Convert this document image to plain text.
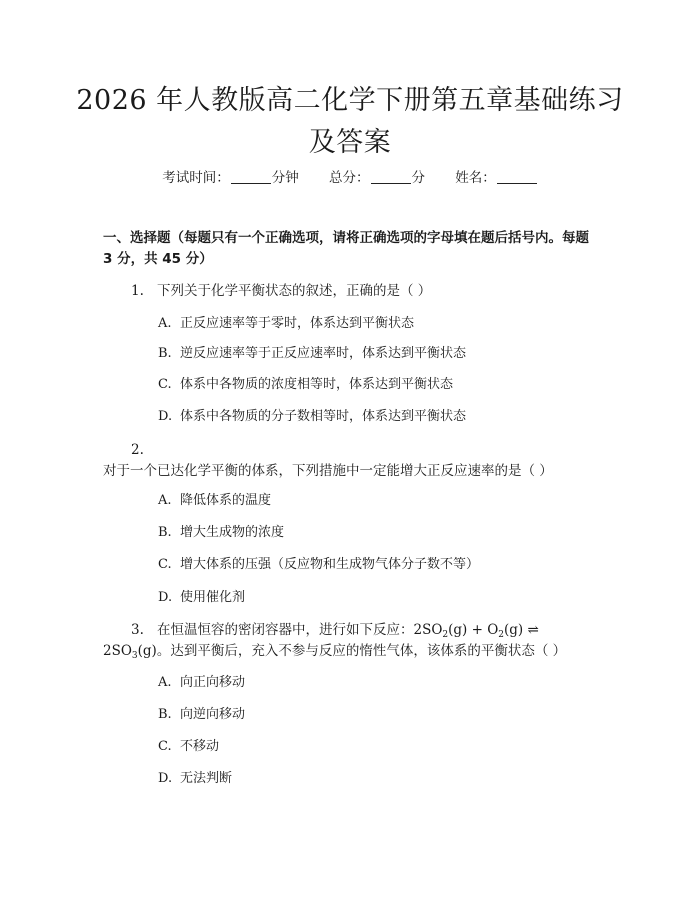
2026 年人教版高二化学下册第五章基础练习
及答案
考试时间：	分钟 总分：	分 姓名：
一、选择题（每题只有一个正确选项，请将正确选项的字母填在题后括号内。每题 3 分，共 45 分）
1. 下列关于化学平衡状态的叙述，正确的是（ ）
A. 正反应速率等于零时，体系达到平衡状态
B. 逆反应速率等于正反应速率时，体系达到平衡状态
C. 体系中各物质的浓度相等时，体系达到平衡状态
D. 体系中各物质的分子数相等时，体系达到平衡状态
2.对于一个已达化学平衡的体系，下列措施中一定能增大正反应速率的是（ ）
A. 降低体系的温度
B. 增大生成物的浓度
C. 增大体系的压强（反应物和生成物气体分子数不等）
D. 使用催化剂
3. 在恒温恒容的密闭容器中，进行如下反应：$2SO_2(g) + O_2(g)$ ⇌
$2SO_3(g)$。达到平衡后，充入不参与反应的惰性气体，该体系的平衡状态（ ）
A. 向正向移动
B. 向逆向移动
C. 不移动
D. 无法判断
